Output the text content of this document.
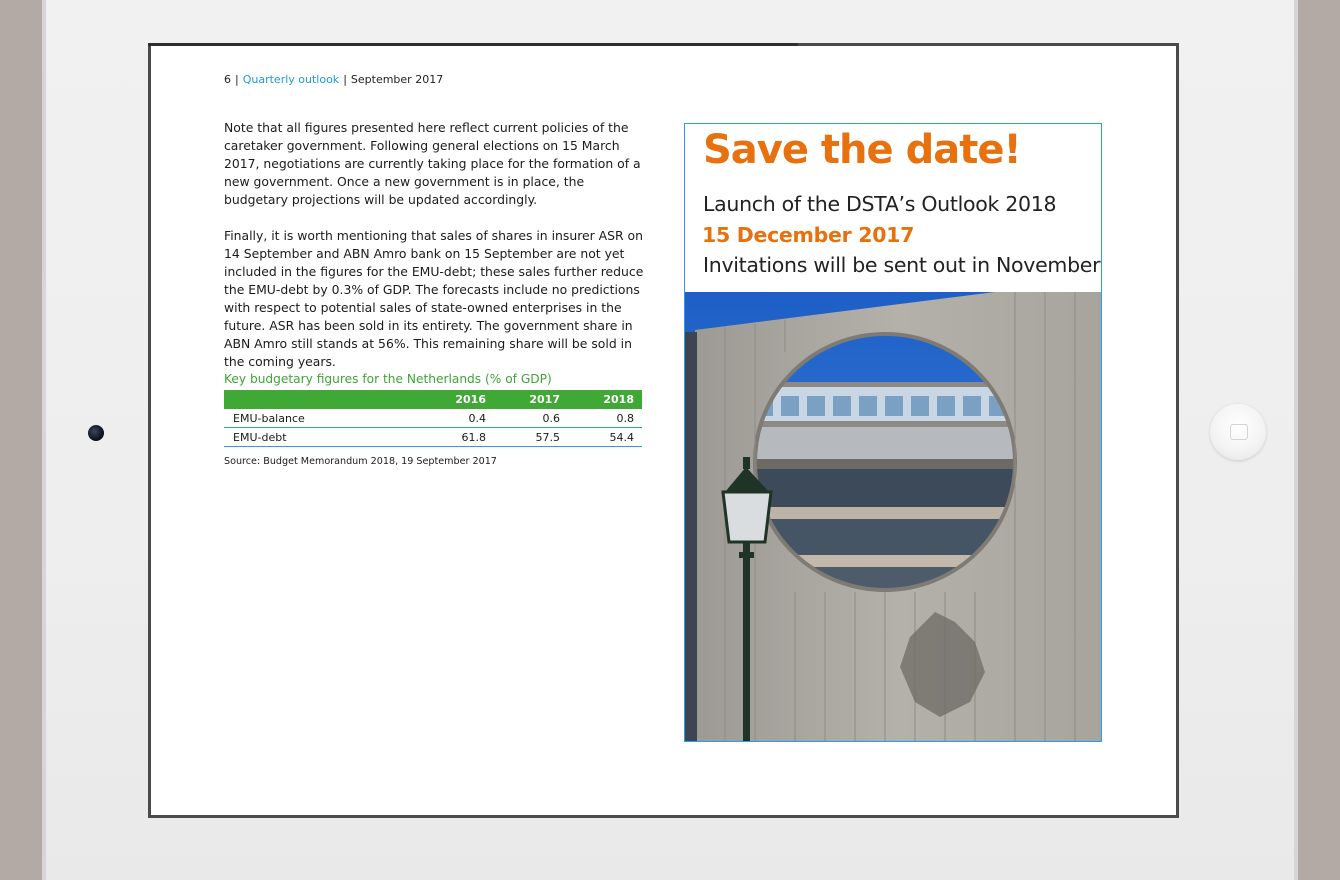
6 | Quarterly outlook | September 2017
Note that all figures presented here reflect current policies of the caretaker government. Following general elections on 15 March 2017, negotiations are currently taking place for the formation of a new government. Once a new government is in place, the budgetary projections will be updated accordingly.
Finally, it is worth mentioning that sales of shares in insurer ASR on 14 September and ABN Amro bank on 15 September are not yet included in the figures for the EMU-debt; these sales further reduce the EMU-debt by 0.3% of GDP. The forecasts include no predictions with respect to potential sales of state-owned enterprises in the future. ASR has been sold in its entirety. The government share in ABN Amro still stands at 56%. This remaining share will be sold in the coming years.
Key budgetary figures for the Netherlands (% of GDP)
	2016	2017	2018
EMU-balance	0.4	0.6	0.8
EMU-debt	61.8	57.5	54.4
Source: Budget Memorandum 2018, 19 September 2017
Save the date!
Launch of the DSTA’s Outlook 2018
15 December 2017
Invitations will be sent out in November
